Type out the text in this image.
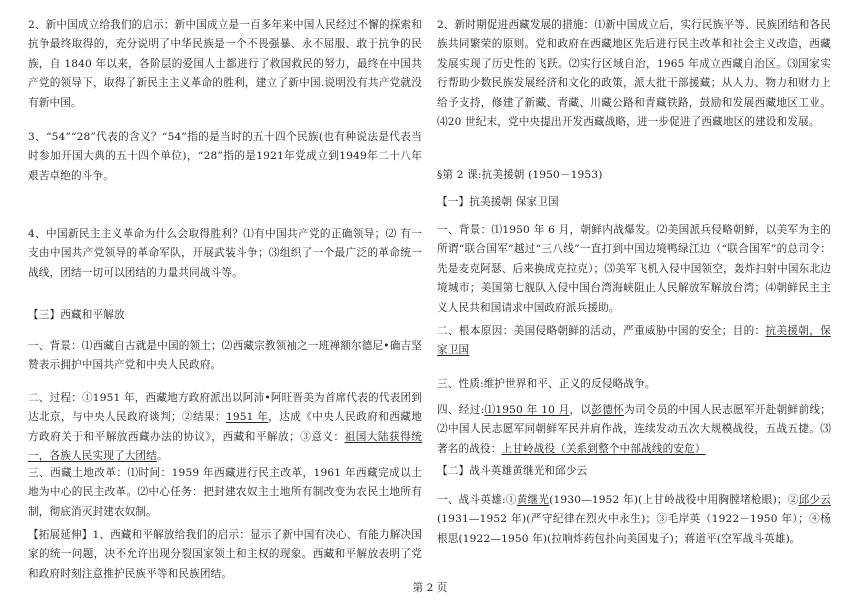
2、新中国成立给我们的启示：新中国成立是一百多年来中国人民经过不懈的探索和抗争最终取得的，充分说明了中华民族是一个不畏强暴、永不屈服、敢于抗争的民族，自 1840 年以来，各阶层的爱国人士都进行了救国救民的努力，最终在中国共产党的领导下，取得了新民主主义革命的胜利，建立了新中国.说明没有共产党就没有新中国。

3、“54”“28”代表的含义？“54”指的是当时的五十四个民族(也有种说法是代表当时参加开国大典的五十四个单位)，“28”指的是1921年党成立到1949年二十八年艰苦卓绝的斗争。

4、中国新民主主义革命为什么会取得胜利？⑴有中国共产党的正确领导；⑵ 有一支由中国共产党领导的革命军队，开展武装斗争；⑶组织了一个最广泛的革命统一战线，团结一切可以团结的力量共同战斗等。

【三】西藏和平解放

一、背景：⑴西藏自古就是中国的领土；⑵西藏宗教领袖之一班禅额尔德尼•确吉坚赞表示拥护中国共产党和中央人民政府。

二、过程：①1951 年，西藏地方政府派出以阿沛•阿旺晋美为首席代表的代表团到达北京，与中央人民政府谈判；②结果：1951 年，达成《中央人民政府和西藏地方政府关于和平解放西藏办法的协议》，西藏和平解放；③意义：祖国大陆获得统一，各族人民实现了大团结。

三、西藏土地改革：⑴时间：1959 年西藏进行民主改革，1961 年西藏完成以土地为中心的民主改革。⑵中心任务：把封建农奴主土地所有制改变为农民土地所有制，彻底消灭封建农奴制。

【拓展延伸】1、西藏和平解放给我们的启示：显示了新中国有决心、有能力解决国家的统一问题，决不允许出现分裂国家领土和主权的现象。西藏和平解放表明了党和政府时刻注意推护民族平等和民族团结。

2、新时期促进西藏发展的措施：⑴新中国成立后，实行民族平等、民族团结和各民族共同繁荣的原则。党和政府在西藏地区先后进行民主改革和社会主义改造，西藏发展实现了历史性的飞跃。⑵实行区域自治，1965 年成立西藏自治区。⑶国家实行帮助少数民族发展经济和文化的政策，派大批干部援藏；从人力、物力和财力上给予支持，修建了新藏、青藏、川藏公路和青藏铁路，鼓励和发展西藏地区工业。⑷20 世纪末，党中央提出开发西藏战略，进一步促进了西藏地区的建设和发展。

§第 2 课:抗美援朝 (1950－1953)

【一】抗美援朝 保家卫国

一、背景：⑴1950 年 6 月，朝鲜内战爆发。⑵美国派兵侵略朝鲜，以美军为主的所谓“联合国军”越过“三八线”一直打到中国边境鸭绿江边（“联合国军”的总司令：先是麦克阿瑟、后来换成克拉克）；⑶美军飞机入侵中国领空，轰炸扫射中国东北边境城市；美国第七舰队入侵中国台湾海峡阻止人民解放军解放台湾；⑷朝鲜民主主义人民共和国请求中国政府派兵援助。

二、根本原因：美国侵略朝鲜的活动，严重威胁中国的安全；目的：抗美援朝，保家卫国

三、性质:维护世界和平、正义的反侵略战争。

四、经过:⑴1950 年 10 月，以彭德怀为司令员的中国人民志愿军开赴朝鲜前线；⑵中国人民志愿军同朝鲜军民并肩作战，连续发动五次大规模战役，五战五捷。⑶著名的战役：上甘岭战役（关系到整个中部战线的安危）

【二】战斗英雄黄继光和邱少云

一、战斗英雄:①黄继光(1930—1952 年)(上甘岭战役中用胸膛堵枪眼)；②邱少云(1931—1952 年)(严守纪律在烈火中永生)；③毛岸英（1922－1950 年）；④杨根思(1922—1950 年)(拉响炸药包扑向美国鬼子)；蒋道平(空军战斗英雄)。

第 2 页
